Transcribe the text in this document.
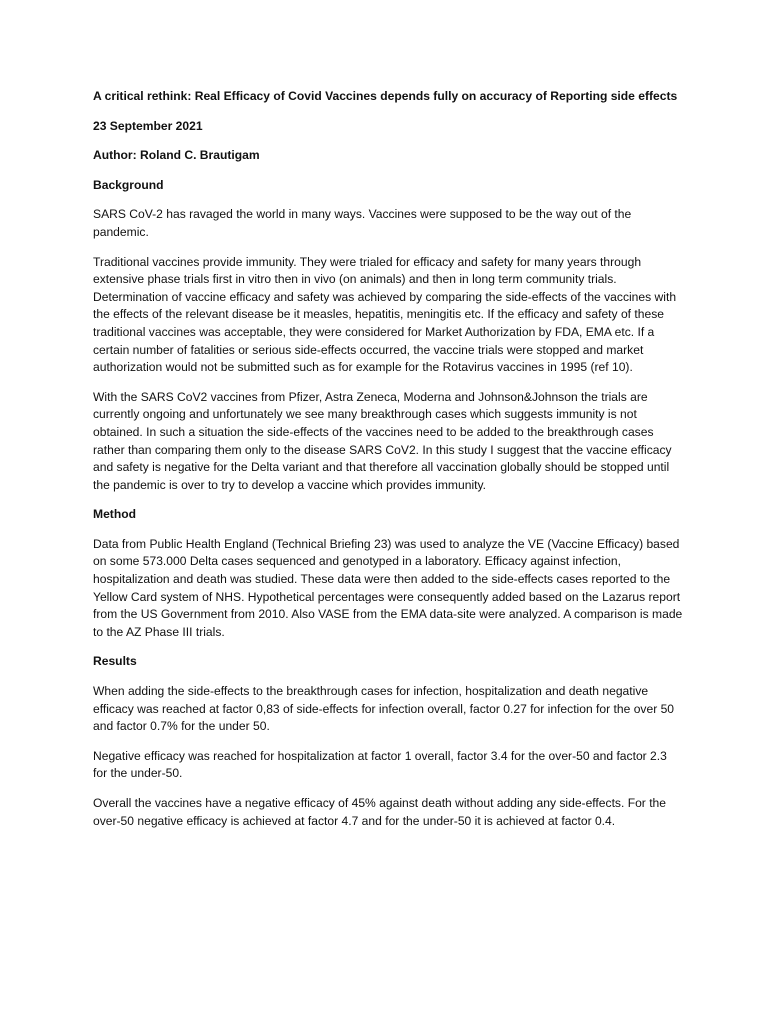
A critical rethink: Real Efficacy of Covid Vaccines depends fully on accuracy of Reporting side effects

23 September 2021

Author: Roland C. Brautigam

Background

SARS CoV-2 has ravaged the world in many ways. Vaccines were supposed to be the way out of the pandemic.

Traditional vaccines provide immunity. They were trialed for efficacy and safety for many years through extensive phase trials first in vitro then in vivo (on animals) and then in long term community trials. Determination of vaccine efficacy and safety was achieved by comparing the side-effects of the vaccines with the effects of the relevant disease be it measles, hepatitis, meningitis etc. If the efficacy and safety of these traditional vaccines was acceptable, they were considered for Market Authorization by FDA, EMA etc. If a certain number of fatalities or serious side-effects occurred, the vaccine trials were stopped and market authorization would not be submitted such as for example for the Rotavirus vaccines in 1995 (ref 10).

With the SARS CoV2 vaccines from Pfizer, Astra Zeneca, Moderna and Johnson&Johnson the trials are currently ongoing and unfortunately we see many breakthrough cases which suggests immunity is not obtained. In such a situation the side-effects of the vaccines need to be added to the breakthrough cases rather than comparing them only to the disease SARS CoV2. In this study I suggest that the vaccine efficacy and safety is negative for the Delta variant and that therefore all vaccination globally should be stopped until the pandemic is over to try to develop a vaccine which provides immunity.

Method

Data from Public Health England (Technical Briefing 23) was used to analyze the VE (Vaccine Efficacy) based on some 573.000 Delta cases sequenced and genotyped in a laboratory. Efficacy against infection, hospitalization and death was studied. These data were then added to the side-effects cases reported to the Yellow Card system of NHS. Hypothetical percentages were consequently added based on the Lazarus report from the US Government from 2010. Also VASE from the EMA data-site were analyzed. A comparison is made to the AZ Phase III trials.

Results

When adding the side-effects to the breakthrough cases for infection, hospitalization and death negative efficacy was reached at factor 0,83 of side-effects for infection overall, factor 0.27 for infection for the over 50 and factor 0.7% for the under 50.

Negative efficacy was reached for hospitalization at factor 1 overall, factor 3.4 for the over-50 and factor 2.3 for the under-50.

Overall the vaccines have a negative efficacy of 45% against death without adding any side-effects. For the over-50 negative efficacy is achieved at factor 4.7 and for the under-50 it is achieved at factor 0.4.
